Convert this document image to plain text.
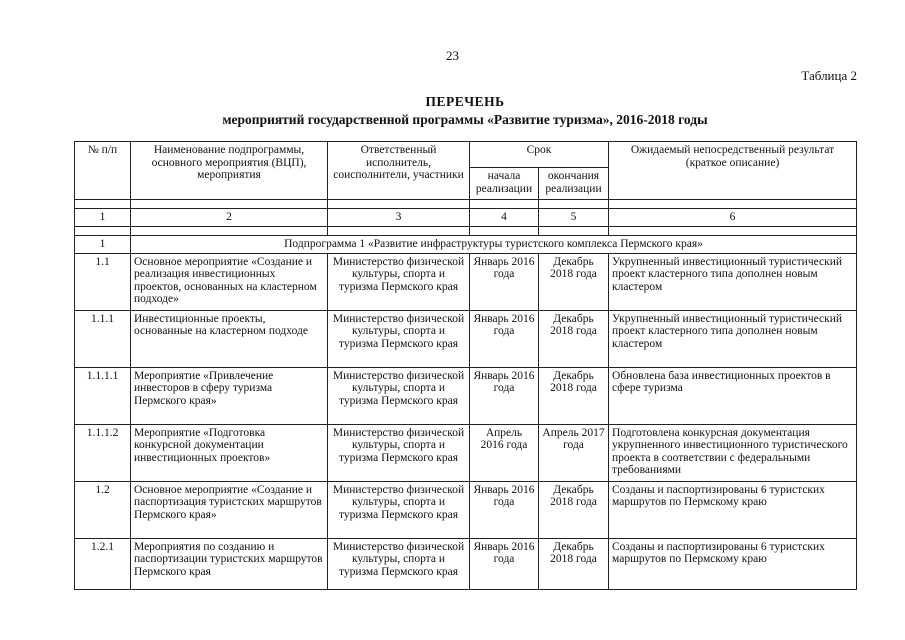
23
Таблица 2
ПЕРЕЧЕНЬ
мероприятий государственной программы «Развитие туризма», 2016-2018 годы
№ п/п	Наименование подпрограммы, основного мероприятия (ВЦП), мероприятия	Ответственный исполнитель, соисполнители, участники	Срок		Ожидаемый непосредственный результат (краткое описание)
			начала реализации	окончания реализации	

1	2	3	4	5	6

1	Подпрограмма 1 «Развитие инфраструктуры туристского комплекса Пермского края»				
1.1	Основное мероприятие «Создание и реализация инвестиционных проектов, основанных на кластерном подходе»	Министерство физической культуры, спорта и туризма Пермского края	Январь 2016 года	Декабрь 2018 года	Укрупненный инвестиционный туристический проект кластерного типа дополнен новым кластером
1.1.1	Инвестиционные проекты, основанные на кластерном подходе	Министерство физической культуры, спорта и туризма Пермского края	Январь 2016 года	Декабрь 2018 года	Укрупненный инвестиционный туристический проект кластерного типа дополнен новым кластером
1.1.1.1	Мероприятие «Привлечение инвесторов в сферу туризма Пермского края»	Министерство физической культуры, спорта и туризма Пермского края	Январь 2016 года	Декабрь 2018 года	Обновлена база инвестиционных проектов в сфере туризма
1.1.1.2	Мероприятие «Подготовка конкурсной документации инвестиционных проектов»	Министерство физической культуры, спорта и туризма Пермского края	Апрель 2016 года	Апрель 2017 года	Подготовлена конкурсная документация укрупненного инвестиционного туристического проекта в соответствии с федеральными требованиями
1.2	Основное мероприятие «Создание и паспортизация туристских маршрутов Пермского края»	Министерство физической культуры, спорта и туризма Пермского края	Январь 2016 года	Декабрь 2018 года	Созданы и паспортизированы 6 туристских маршрутов по Пермскому краю
1.2.1	Мероприятия по созданию и паспортизации туристских маршрутов Пермского края	Министерство физической культуры, спорта и туризма Пермского края	Январь 2016 года	Декабрь 2018 года	Созданы и паспортизированы 6 туристских маршрутов по Пермскому краю
